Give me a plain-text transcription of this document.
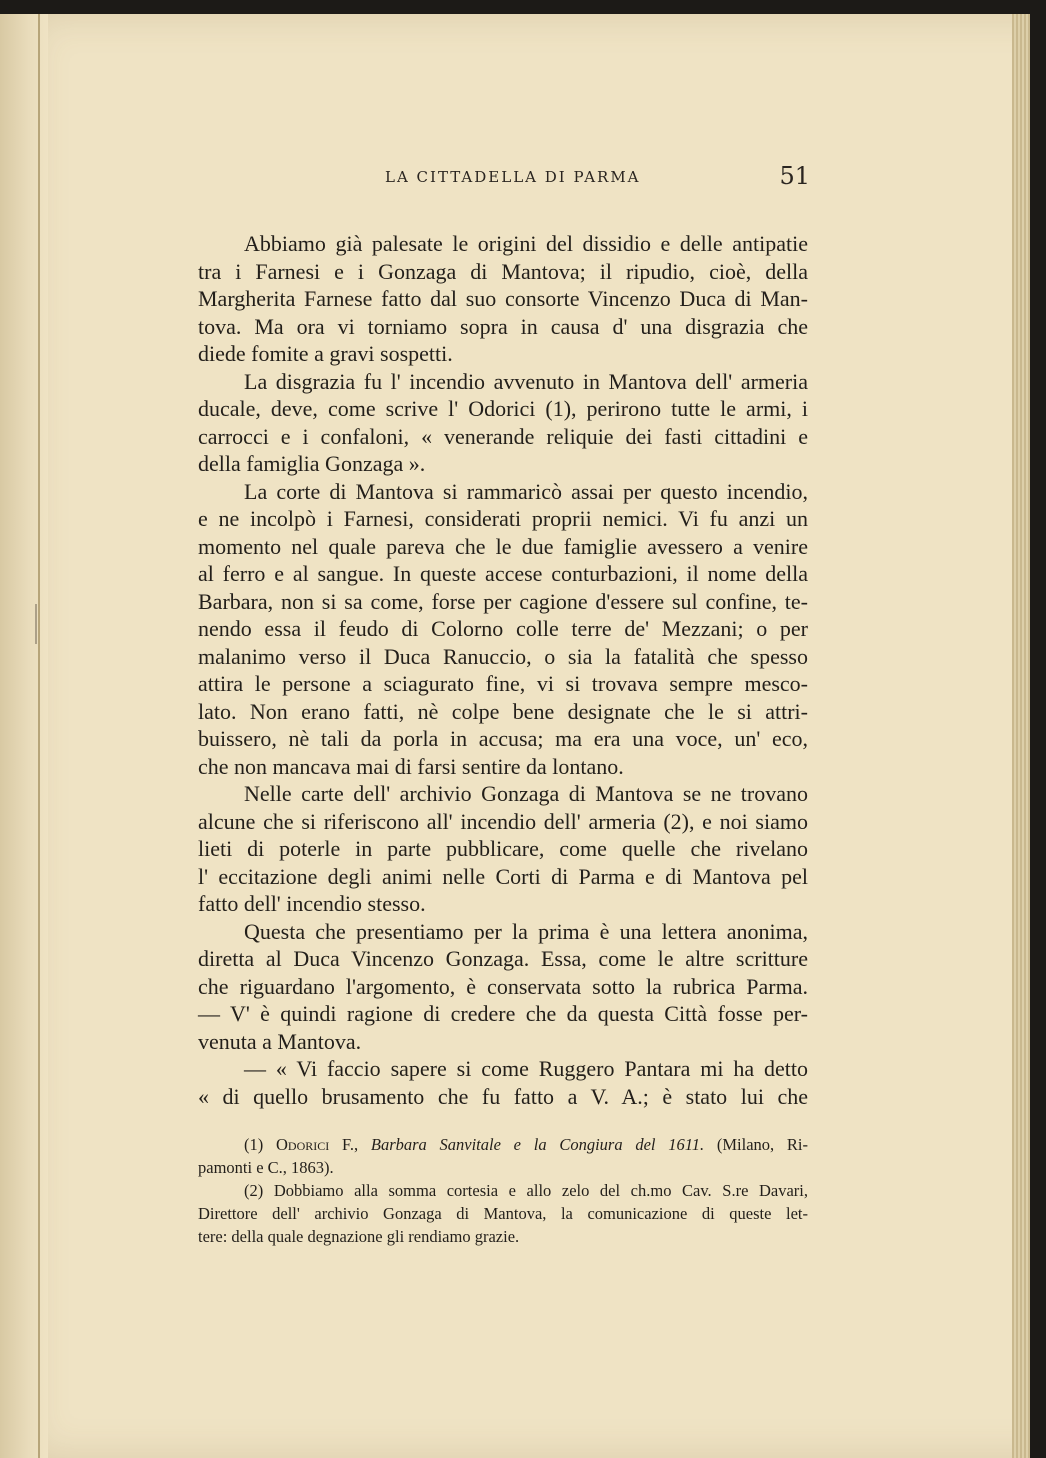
LA CITTADELLA DI PARMA	51
Abbiamo già palesate le origini del dissidio e delle antipatie
tra i Farnesi e i Gonzaga di Mantova; il ripudio, cioè, della
Margherita Farnese fatto dal suo consorte Vincenzo Duca di Man-
tova. Ma ora vi torniamo sopra in causa d' una disgrazia che
diede fomite a gravi sospetti.
La disgrazia fu l' incendio avvenuto in Mantova dell' armeria
ducale, deve, come scrive l' Odorici (1), perirono tutte le armi, i
carrocci e i confaloni, « venerande reliquie dei fasti cittadini e
della famiglia Gonzaga ».
La corte di Mantova si rammaricò assai per questo incendio,
e ne incolpò i Farnesi, considerati proprii nemici. Vi fu anzi un
momento nel quale pareva che le due famiglie avessero a venire
al ferro e al sangue. In queste accese conturbazioni, il nome della
Barbara, non si sa come, forse per cagione d'essere sul confine, te-
nendo essa il feudo di Colorno colle terre de' Mezzani; o per
malanimo verso il Duca Ranuccio, o sia la fatalità che spesso
attira le persone a sciagurato fine, vi si trovava sempre mesco-
lato. Non erano fatti, nè colpe bene designate che le si attri-
buissero, nè tali da porla in accusa; ma era una voce, un' eco,
che non mancava mai di farsi sentire da lontano.
Nelle carte dell' archivio Gonzaga di Mantova se ne trovano
alcune che si riferiscono all' incendio dell' armeria (2), e noi siamo
lieti di poterle in parte pubblicare, come quelle che rivelano
l' eccitazione degli animi nelle Corti di Parma e di Mantova pel
fatto dell' incendio stesso.
Questa che presentiamo per la prima è una lettera anonima,
diretta al Duca Vincenzo Gonzaga. Essa, come le altre scritture
che riguardano l'argomento, è conservata sotto la rubrica Parma.
— V' è quindi ragione di credere che da questa Città fosse per-
venuta a Mantova.
— « Vi faccio sapere si come Ruggero Pantara mi ha detto
« di quello brusamento che fu fatto a V. A.; è stato lui che
(1) Odorici F., Barbara Sanvitale e la Congiura del 1611. (Milano, Ri-
pamonti e C., 1863).
(2) Dobbiamo alla somma cortesia e allo zelo del ch.mo Cav. S.re Davari,
Direttore dell' archivio Gonzaga di Mantova, la comunicazione di queste let-
tere: della quale degnazione gli rendiamo grazie.
